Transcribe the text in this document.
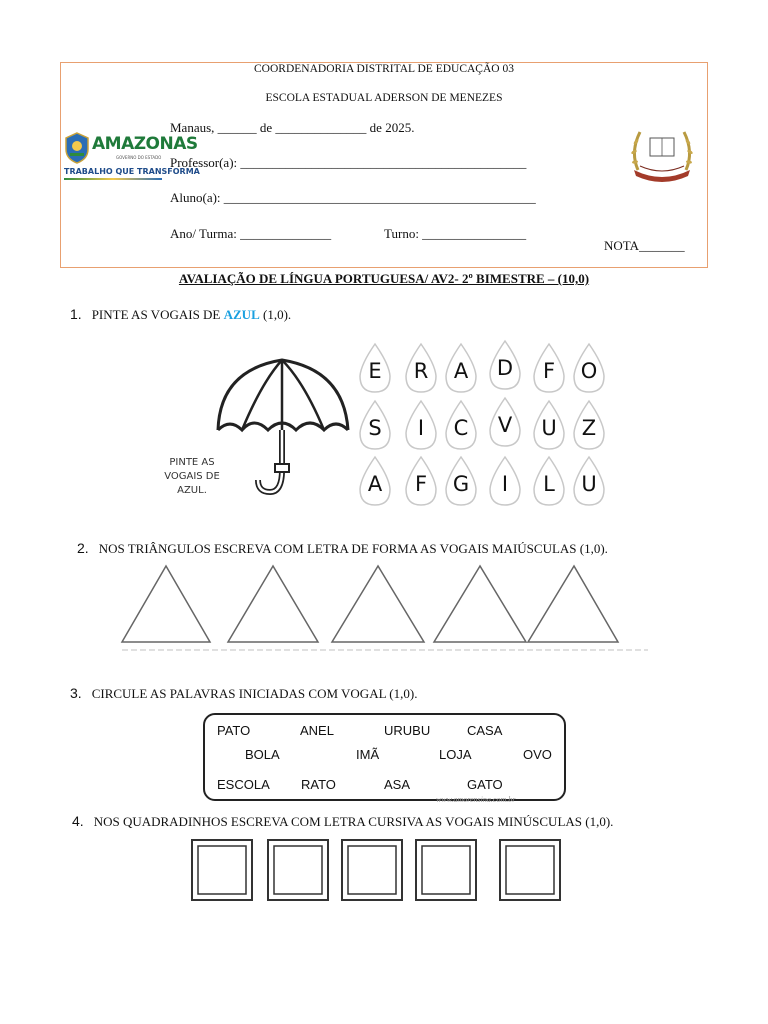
COORDENADORIA DISTRITAL DE EDUCAÇÃO 03
ESCOLA ESTADUAL ADERSON DE MENEZES
AMAZONAS
GOVERNO DO ESTADO
TRABALHO QUE TRANSFORMA
Manaus, ______ de ______________ de 2025.
Professor(a): ____________________________________________
Aluno(a): ________________________________________________
Ano/ Turma: ______________	Turno: ________________
NOTA_______
AVALIAÇÃO DE LÍNGUA PORTUGUESA/ AV2- 2º BIMESTRE – (10,0)
1. PINTE AS VOGAIS DE AZUL (1,0).
PINTE AS VOGAIS DE AZUL.
E	R	A	D	F	O
S	I	C	V	U	Z
A	F	G	I	L	U
2. NOS TRIÂNGULOS ESCREVA COM LETRA DE FORMA AS VOGAIS MAIÚSCULAS (1,0).
3. CIRCULE AS PALAVRAS INICIADAS COM VOGAL (1,0).
PATO	ANEL	URUBU	CASA
BOLA	IMÃ	LOJA	OVO
ESCOLA RATO	ASA	GATO
www.amorensina.com.br
4. NOS QUADRADINHOS ESCREVA COM LETRA CURSIVA AS VOGAIS MINÚSCULAS (1,0).
